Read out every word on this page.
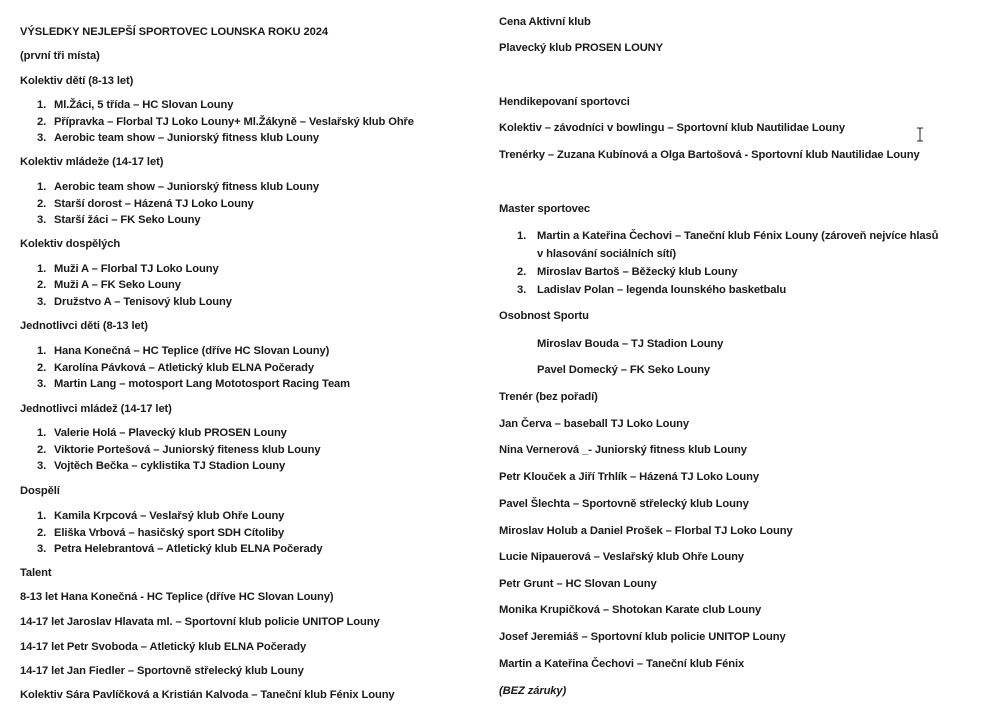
VÝSLEDKY NEJLEPŠÍ SPORTOVEC LOUNSKA ROKU 2024
(první tři místa)
Kolektiv dětí (8-13 let)
1. Ml.Žáci, 5 třída – HC Slovan Louny
2. Přípravka – Florbal TJ Loko Louny+ Ml.Žákyně – Veslařský klub Ohře
3. Aerobic team show – Juniorský fitness klub Louny
Kolektiv mládeže (14-17 let)
1. Aerobic team show – Juniorský fitness klub Louny
2. Starší dorost – Házená TJ Loko Louny
3. Starší žáci – FK Seko Louny
Kolektiv dospělých
1. Muži A – Florbal TJ Loko Louny
2. Muži A – FK Seko Louny
3. Družstvo A – Tenisový klub Louny
Jednotlivci děti (8-13 let)
1. Hana Konečná – HC Teplice (dříve HC Slovan Louny)
2. Karolína Pávková – Atletický klub ELNA Počerady
3. Martin Lang – motosport Lang Mototosport Racing Team
Jednotlivci mládež (14-17 let)
1. Valerie Holá – Plavecký klub PROSEN Louny
2. Viktorie Portešová – Juniorský fiteness klub Louny
3. Vojtěch Bečka – cyklistika TJ Stadion Louny
Dospělí
1. Kamila Krpcová – Veslařsý klub Ohře Louny
2. Eliška Vrbová – hasičský sport SDH Cítoliby
3. Petra Helebrantová – Atletický klub ELNA Počerady
Talent
8-13 let Hana Konečná - HC Teplice (dříve HC Slovan Louny)
14-17 let Jaroslav Hlavata ml. – Sportovní klub policie UNITOP Louny
14-17 let Petr Svoboda – Atletický klub ELNA Počerady
14-17 let Jan Fiedler – Sportovně střelecký klub Louny
Kolektiv Sára Pavlíčková a Kristián Kalvoda – Taneční klub Fénix Louny
Cena Aktivní klub
Plavecký klub PROSEN LOUNY
Hendikepovaní sportovci
Kolektiv – závodníci v bowlingu – Sportovní klub Nautilidae Louny
Trenérky – Zuzana Kubínová a Olga Bartošová - Sportovní klub Nautilidae Louny
Master sportovec
1. Martin a Kateřina Čechovi – Taneční klub Fénix Louny (zároveň nejvíce hlasů
v hlasování sociálních sítí)
2. Miroslav Bartoš – Běžecký klub Louny
3. Ladislav Polan – legenda lounského basketbalu
Osobnost Sportu
Miroslav Bouda – TJ Stadion Louny
Pavel Domecký – FK Seko Louny
Trenér (bez pořadí)
Jan Červa – baseball TJ Loko Louny
Nina Vernerová _- Juniorský fitness klub Louny
Petr Klouček a Jiří Trhlík – Házená TJ Loko Louny
Pavel Šlechta – Sportovně střelecký klub Louny
Miroslav Holub a Daniel Prošek – Florbal TJ Loko Louny
Lucie Nipauerová – Veslařský klub Ohře Louny
Petr Grunt – HC Slovan Louny
Monika Krupičková – Shotokan Karate club Louny
Josef Jeremiáš – Sportovní klub policie UNITOP Louny
Martin a Kateřina Čechovi – Taneční klub Fénix
(BEZ záruky)
